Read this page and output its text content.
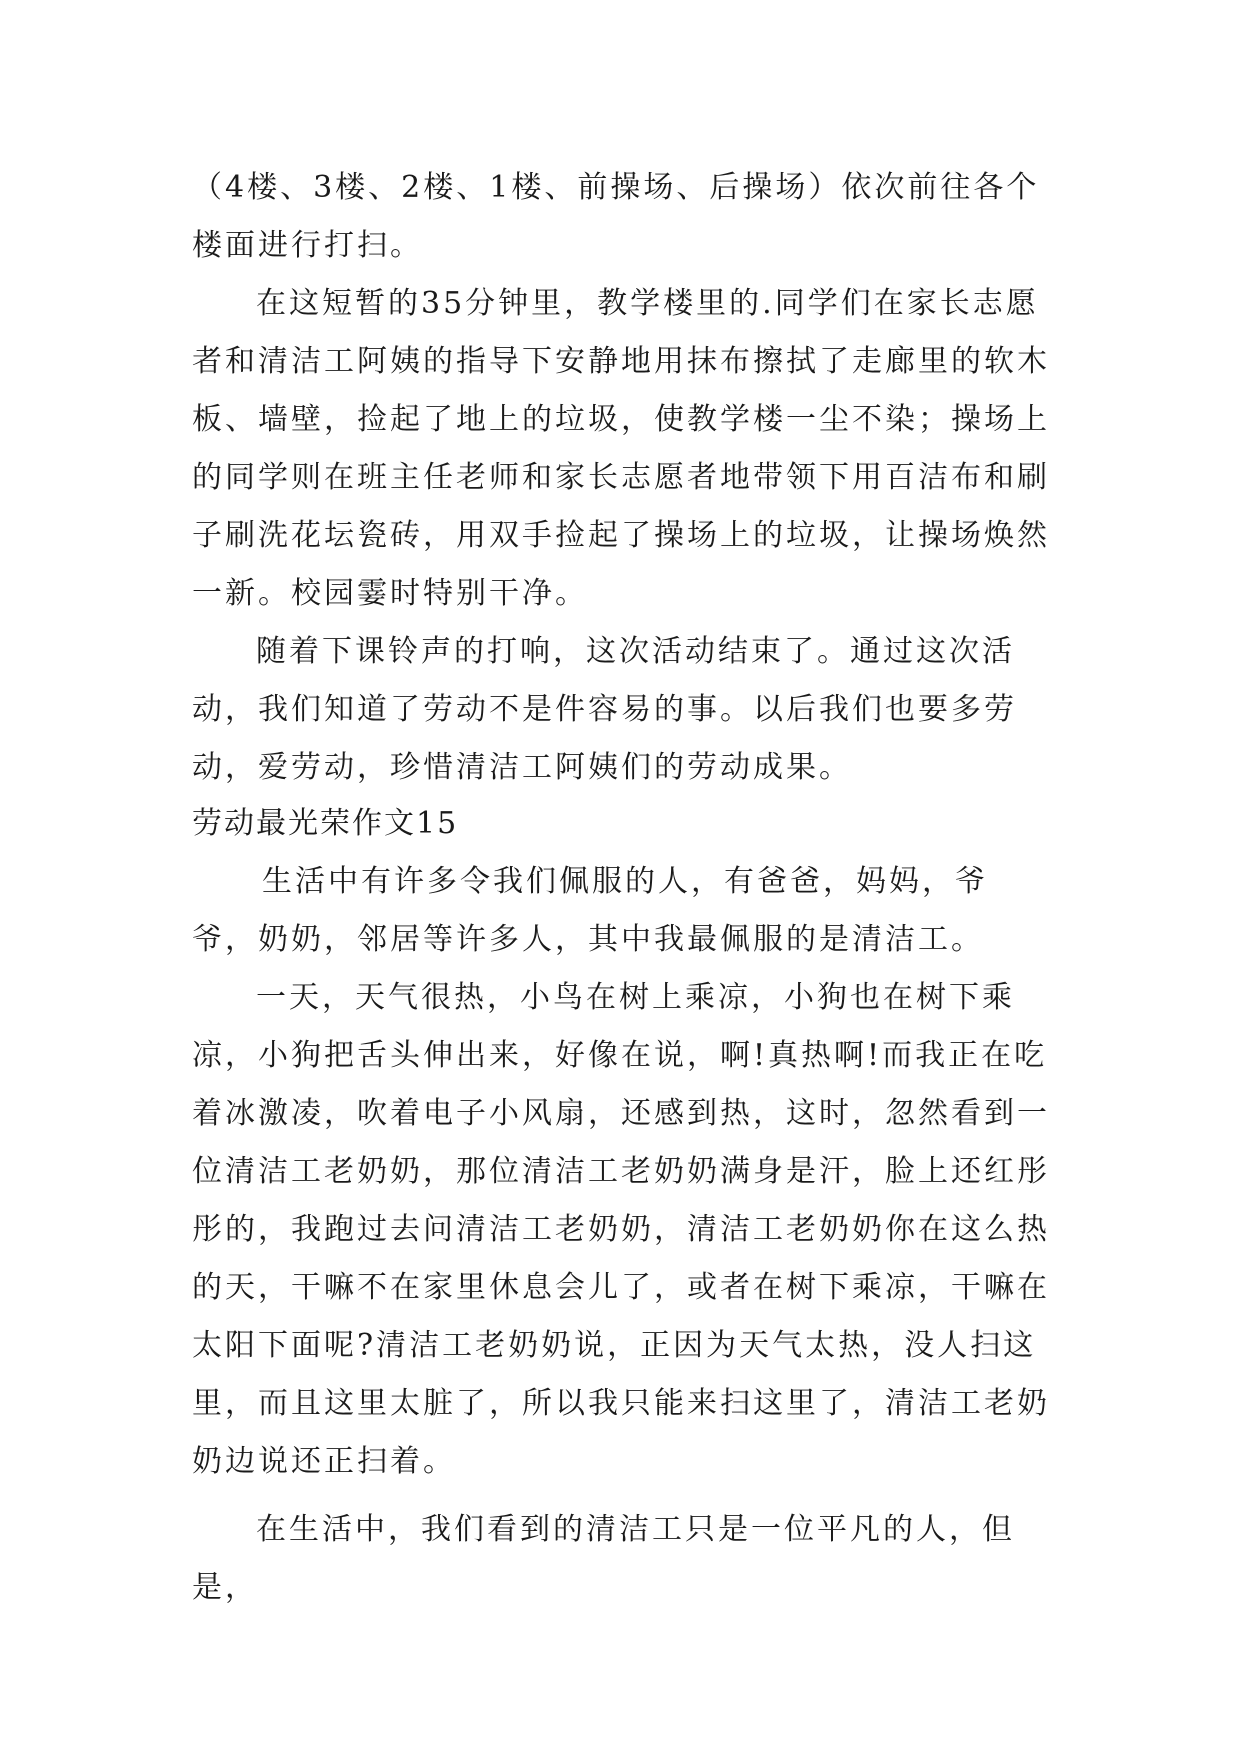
（4楼、3楼、2楼、1楼、前操场、后操场）依次前往各个楼面进行打扫。
在这短暂的35分钟里，教学楼里的.同学们在家长志愿者和清洁工阿姨的指导下安静地用抹布擦拭了走廊里的软木板、墙壁，捡起了地上的垃圾，使教学楼一尘不染；操场上的同学则在班主任老师和家长志愿者地带领下用百洁布和刷子刷洗花坛瓷砖，用双手捡起了操场上的垃圾，让操场焕然一新。校园霎时特别干净。
随着下课铃声的打响，这次活动结束了。通过这次活动，我们知道了劳动不是件容易的事。以后我们也要多劳动，爱劳动，珍惜清洁工阿姨们的劳动成果。
劳动最光荣作文15
生活中有许多令我们佩服的人，有爸爸，妈妈，爷爷，奶奶，邻居等许多人，其中我最佩服的是清洁工。
一天，天气很热，小鸟在树上乘凉，小狗也在树下乘凉，小狗把舌头伸出来，好像在说，啊!真热啊!而我正在吃着冰激凌，吹着电子小风扇，还感到热，这时，忽然看到一位清洁工老奶奶，那位清洁工老奶奶满身是汗，脸上还红彤彤的，我跑过去问清洁工老奶奶，清洁工老奶奶你在这么热的天，干嘛不在家里休息会儿了，或者在树下乘凉，干嘛在太阳下面呢?清洁工老奶奶说，正因为天气太热，没人扫这里，而且这里太脏了，所以我只能来扫这里了，清洁工老奶奶边说还正扫着。
在生活中，我们看到的清洁工只是一位平凡的人，但是，
